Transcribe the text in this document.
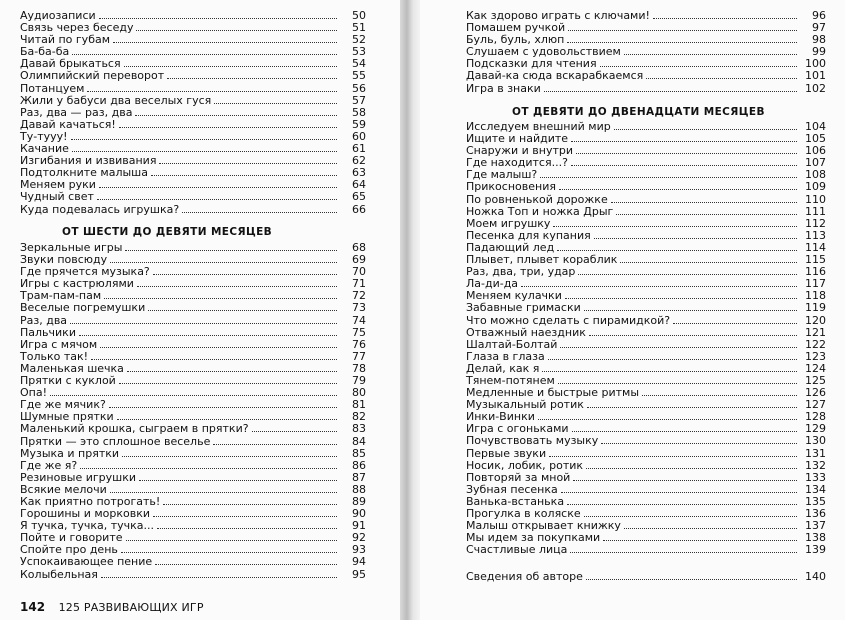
Аудиозаписи	50
Связь через беседу	51
Читай по губам	52
Ба-ба-ба	53
Давай брыкаться	54
Олимпийский переворот	55
Потанцуем	56
Жили у бабуси два веселых гуся	57
Раз, два — раз, два	58
Давай качаться!	59
Ту-тууу!	60
Качание	61
Изгибания и извивания	62
Подтолкните малыша	63
Меняем руки	64
Чудный свет	65
Куда подевалась игрушка?	66
ОТ ШЕСТИ ДО ДЕВЯТИ МЕСЯЦЕВ
Зеркальные игры	68
Звуки повсюду	69
Где прячется музыка?	70
Игры с кастрюлями	71
Трам-пам-пам	72
Веселые погремушки	73
Раз, два	74
Пальчики	75
Игра с мячом	76
Только так!	77
Маленькая шечка	78
Прятки с куклой	79
Опа!	80
Где же мячик?	81
Шумные прятки	82
Маленький крошка, сыграем в прятки?	83
Прятки — это сплошное веселье	84
Музыка и прятки	85
Где же я?	86
Резиновые игрушки	87
Всякие мелочи	88
Как приятно потрогать!	89
Горошины и морковки	90
Я тучка, тучка, тучка...	91
Пойте и говорите	92
Спойте про день	93
Успокаивающее пение	94
Колыбельная	95
142 125 РАЗВИВАЮЩИХ ИГР
Как здорово играть с ключами!	96
Помашем ручкой	97
Буль, буль, хлюп	98
Слушаем с удовольствием	99
Подсказки для чтения	100
Давай-ка сюда вскарабкаемся	101
Игра в знаки	102
ОТ ДЕВЯТИ ДО ДВЕНАДЦАТИ МЕСЯЦЕВ
Исследуем внешний мир	104
Ищите и найдите	105
Снаружи и внутри	106
Где находится...?	107
Где малыш?	108
Прикосновения	109
По ровненькой дорожке	110
Ножка Топ и ножка Дрыг	111
Моем игрушку	112
Песенка для купания	113
Падающий лед	114
Плывет, плывет кораблик	115
Раз, два, три, удар	116
Ла-ди-да	117
Меняем кулачки	118
Забавные гримаски	119
Что можно сделать с пирамидкой?	120
Отважный наездник	121
Шалтай-Болтай	122
Глаза в глаза	123
Делай, как я	124
Тянем-потянем	125
Медленные и быстрые ритмы	126
Музыкальный ротик	127
Инки-Винки	128
Игра с огоньками	129
Почувствовать музыку	130
Первые звуки	131
Носик, лобик, ротик	132
Повторяй за мной	133
Зубная песенка	134
Ванька-встанька	135
Прогулка в коляске	136
Малыш открывает книжку	137
Мы идем за покупками	138
Счастливые лица	139
Сведения об авторе	140
